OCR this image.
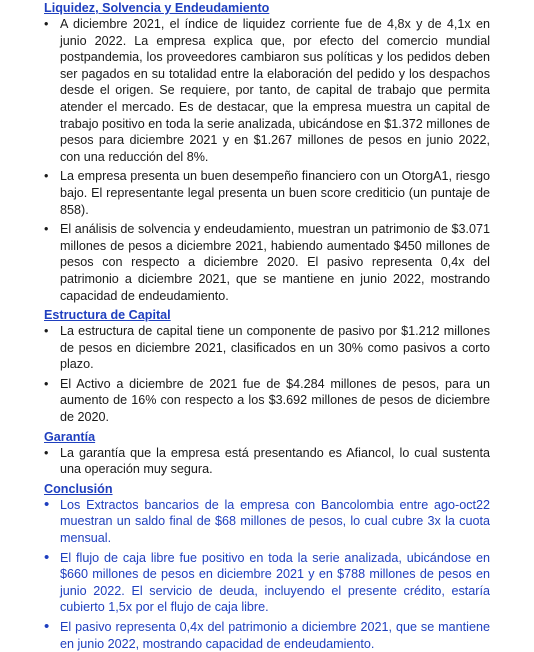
Liquidez, Solvencia y Endeudamiento
• A diciembre 2021, el índice de liquidez corriente fue de 4,8x y de 4,1x en junio 2022. La empresa explica que, por efecto del comercio mundial postpandemia, los proveedores cambiaron sus políticas y los pedidos deben ser pagados en su totalidad entre la elaboración del pedido y los despachos desde el origen. Se requiere, por tanto, de capital de trabajo que permita atender el mercado. Es de destacar, que la empresa muestra un capital de trabajo positivo en toda la serie analizada, ubicándose en $1.372 millones de pesos para diciembre 2021 y en $1.267 millones de pesos en junio 2022, con una reducción del 8%.
• La empresa presenta un buen desempeño financiero con un OtorgA1, riesgo bajo. El representante legal presenta un buen score crediticio (un puntaje de 858).
• El análisis de solvencia y endeudamiento, muestran un patrimonio de $3.071 millones de pesos a diciembre 2021, habiendo aumentado $450 millones de pesos con respecto a diciembre 2020. El pasivo representa 0,4x del patrimonio a diciembre 2021, que se mantiene en junio 2022, mostrando capacidad de endeudamiento.
Estructura de Capital
• La estructura de capital tiene un componente de pasivo por $1.212 millones de pesos en diciembre 2021, clasificados en un 30% como pasivos a corto plazo.
• El Activo a diciembre de 2021 fue de $4.284 millones de pesos, para un aumento de 16% con respecto a los $3.692 millones de pesos de diciembre de 2020.
Garantía
• La garantía que la empresa está presentando es Afiancol, lo cual sustenta una operación muy segura.
Conclusión
• Los Extractos bancarios de la empresa con Bancolombia entre ago-oct22 muestran un saldo final de $68 millones de pesos, lo cual cubre 3x la cuota mensual.
• El flujo de caja libre fue positivo en toda la serie analizada, ubicándose en $660 millones de pesos en diciembre 2021 y en $788 millones de pesos en junio 2022. El servicio de deuda, incluyendo el presente crédito, estaría cubierto 1,5x por el flujo de caja libre.
• El pasivo representa 0,4x del patrimonio a diciembre 2021, que se mantiene en junio 2022, mostrando capacidad de endeudamiento.
